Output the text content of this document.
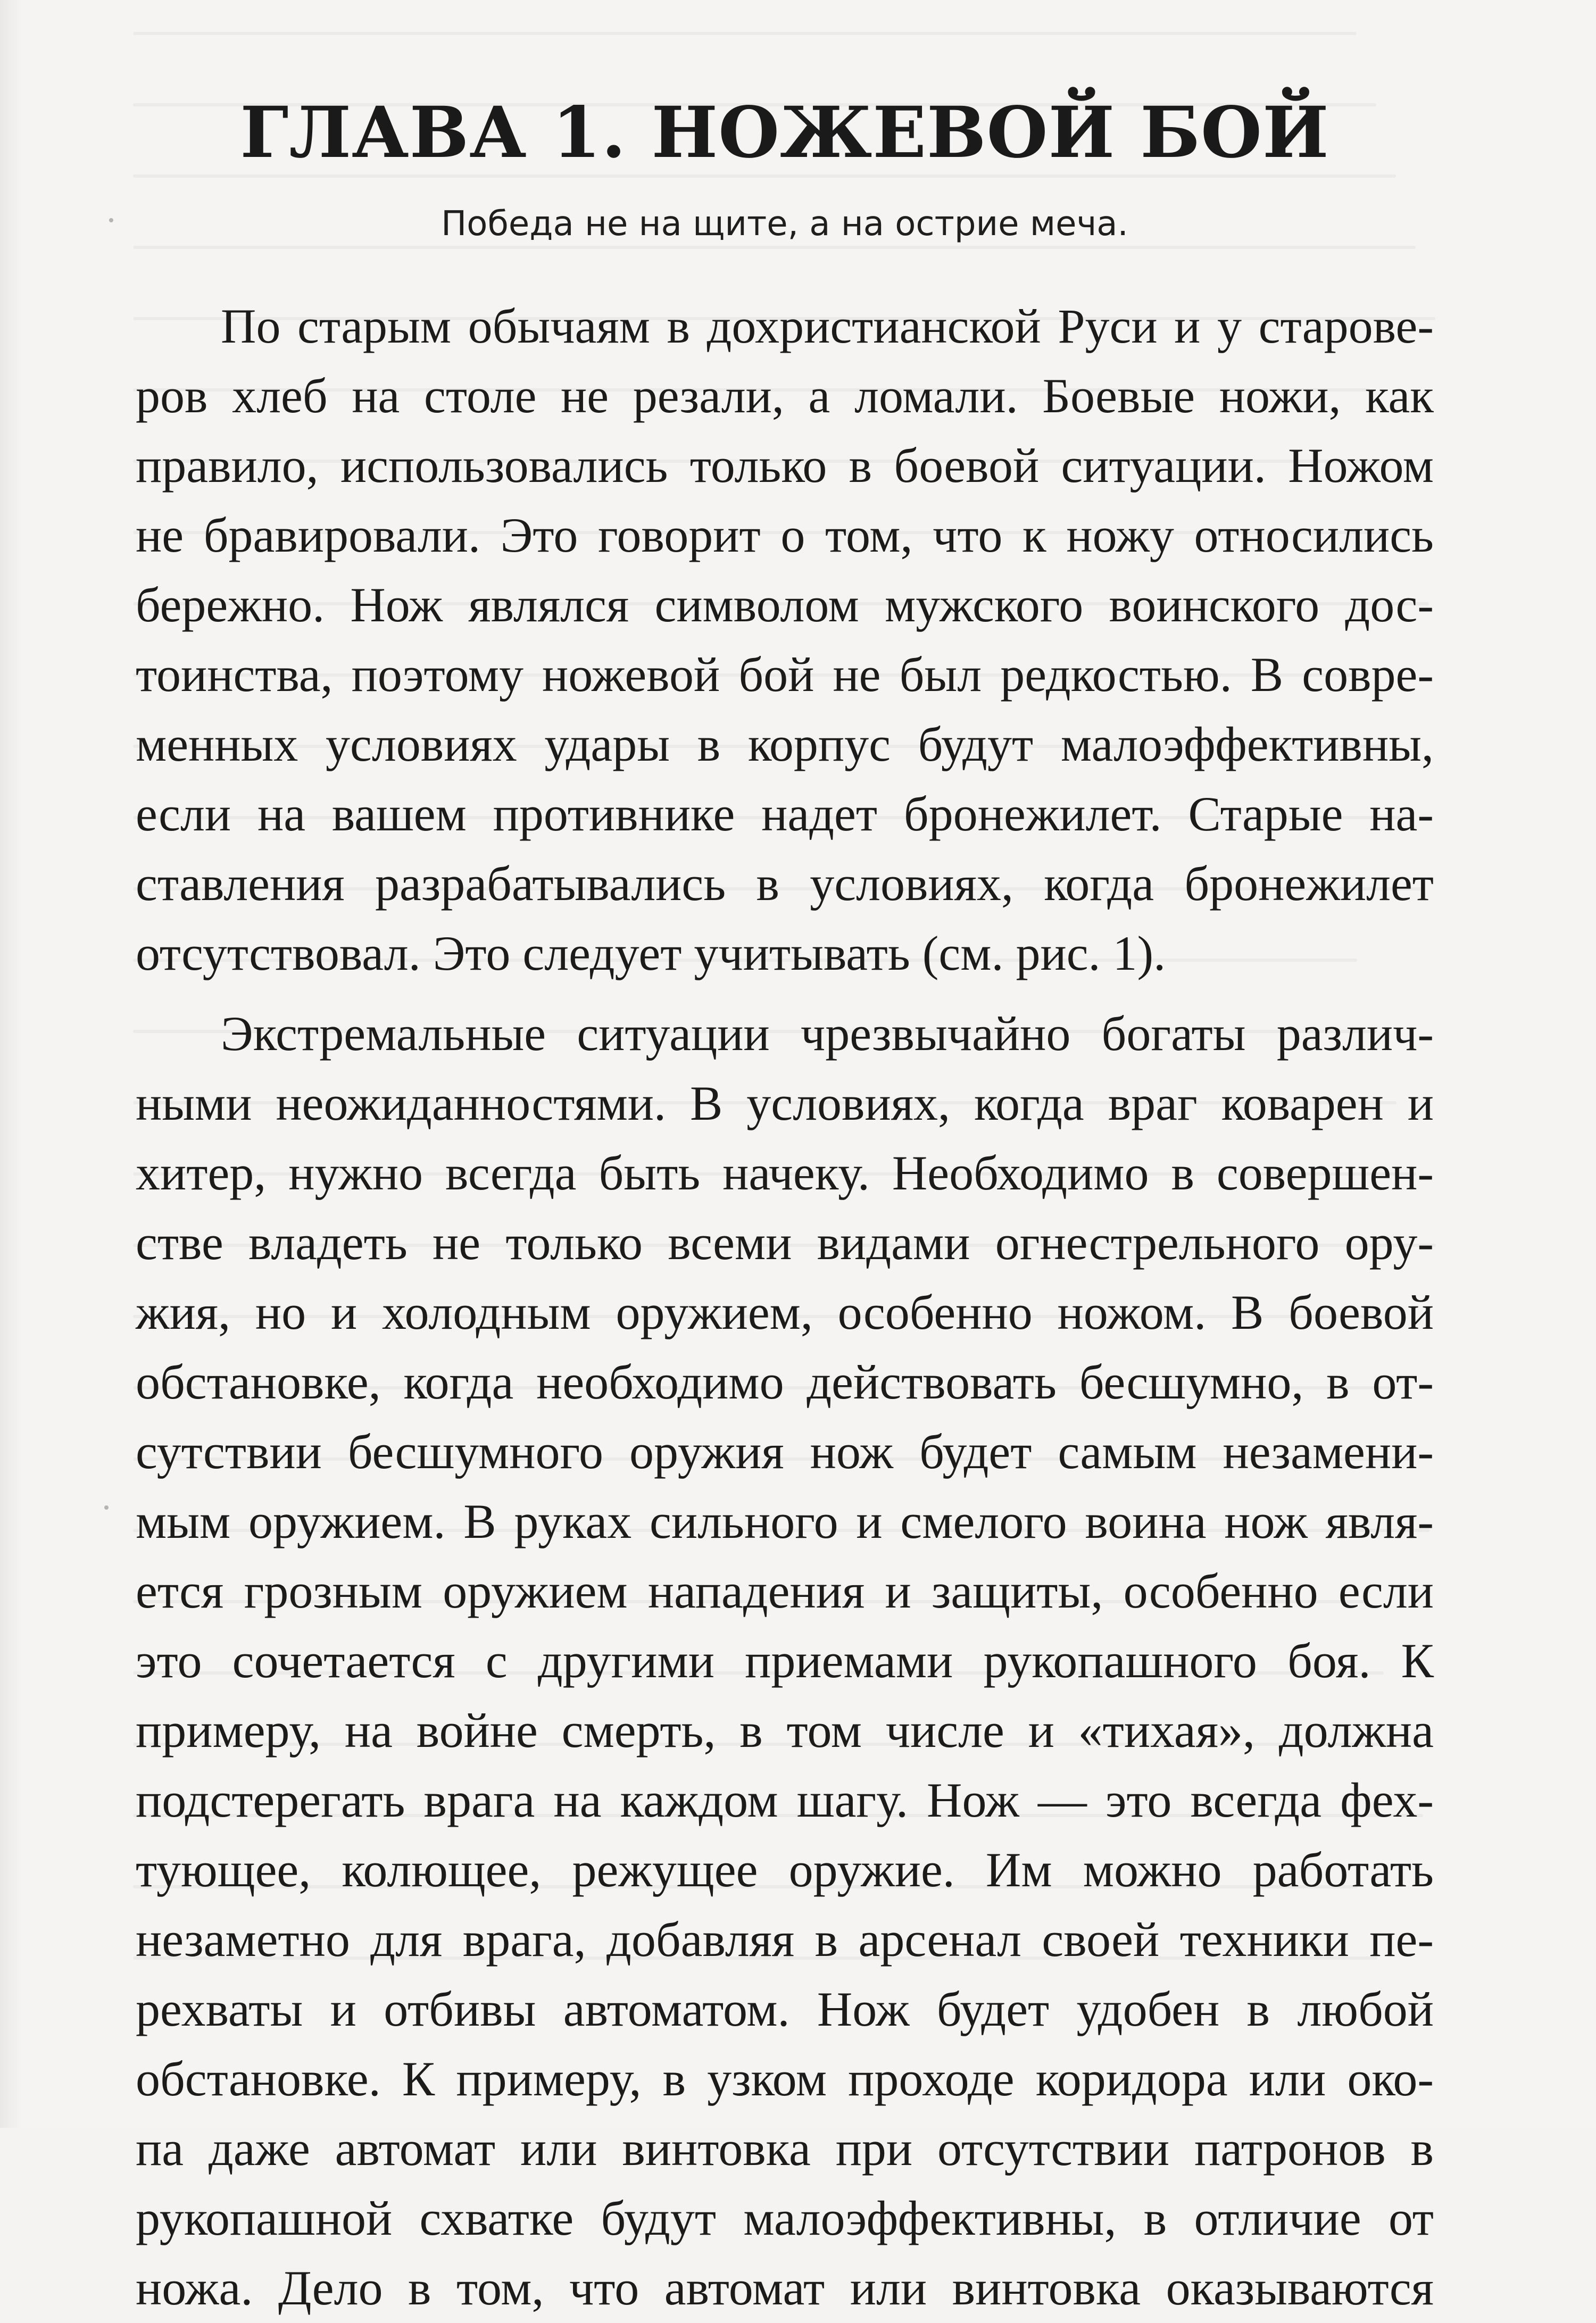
ГЛАВА 1. НОЖЕВОЙ БОЙ
Победа не на щите, а на острие меча.
По старым обычаям в дохристианской Руси и у старове-
ров хлеб на столе не резали, а ломали. Боевые ножи, как
правило, использовались только в боевой ситуации. Ножом
не бравировали. Это говорит о том, что к ножу относились
бережно. Нож являлся символом мужского воинского дос-
тоинства, поэтому ножевой бой не был редкостью. В совре-
менных условиях удары в корпус будут малоэффективны,
если на вашем противнике надет бронежилет. Старые на-
ставления разрабатывались в условиях, когда бронежилет
отсутствовал. Это следует учитывать (см. рис. 1).
Экстремальные ситуации чрезвычайно богаты различ-
ными неожиданностями. В условиях, когда враг коварен и
хитер, нужно всегда быть начеку. Необходимо в совершен-
стве владеть не только всеми видами огнестрельного ору-
жия, но и холодным оружием, особенно ножом. В боевой
обстановке, когда необходимо действовать бесшумно, в от-
сутствии бесшумного оружия нож будет самым незамени-
мым оружием. В руках сильного и смелого воина нож явля-
ется грозным оружием нападения и защиты, особенно если
это сочетается с другими приемами рукопашного боя. К
примеру, на войне смерть, в том числе и «тихая», должна
подстерегать врага на каждом шагу. Нож — это всегда фех-
тующее, колющее, режущее оружие. Им можно работать
незаметно для врага, добавляя в арсенал своей техники пе-
рехваты и отбивы автоматом. Нож будет удобен в любой
обстановке. К примеру, в узком проходе коридора или око-
па даже автомат или винтовка при отсутствии патронов в
рукопашной схватке будут малоэффективны, в отличие от
ножа. Дело в том, что автомат или винтовка оказываются
